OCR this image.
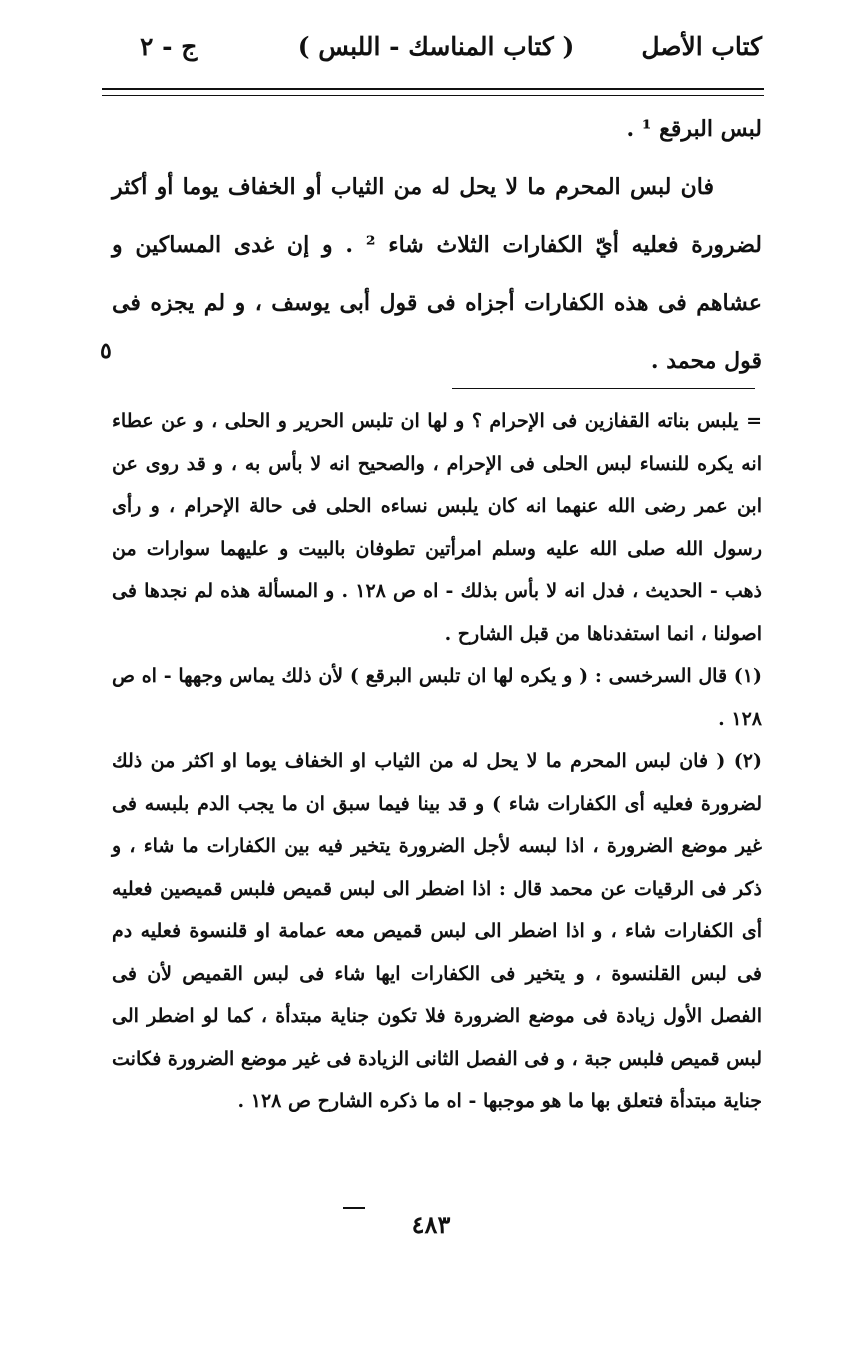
كتاب الأصل
( كتاب المناسك - اللبس )
ج - ٢

لبس البرقع ¹ .

فان لبس المحرم ما لا يحل له من الثياب أو الخفاف يوما أو أكثر لضرورة فعليه أيّ الكفارات الثلاث شاء ² . و إن غدى المساكين و عشاهم فى هذه الكفارات أجزاه فى قول أبى يوسف ، و لم يجزه فى قول محمد .

٥

= يلبس بناته القفازين فى الإحرام ؟ و لها ان تلبس الحرير و الحلى ، و عن عطاء انه يكره للنساء لبس الحلى فى الإحرام ، والصحيح انه لا بأس به ، و قد روى عن ابن عمر رضى الله عنهما انه كان يلبس نساءه الحلى فى حالة الإحرام ، و رأى رسول الله صلى الله عليه وسلم امرأتين تطوفان بالبيت و عليهما سوارات من ذهب - الحديث ، فدل انه لا بأس بذلك - اه ص ١٢٨ . و المسألة هذه لم نجدها فى اصولنا ، انما استفدناها من قبل الشارح .

(١) قال السرخسى : ( و يكره لها ان تلبس البرقع ) لأن ذلك يماس وجهها - اه ص ١٢٨ .

(٢) ( فان لبس المحرم ما لا يحل له من الثياب او الخفاف يوما او اكثر من ذلك لضرورة فعليه أى الكفارات شاء ) و قد بينا فيما سبق ان ما يجب الدم بلبسه فى غير موضع الضرورة ، اذا لبسه لأجل الضرورة يتخير فيه بين الكفارات ما شاء ، و ذكر فى الرقيات عن محمد قال : اذا اضطر الى لبس قميص فلبس قميصين فعليه أى الكفارات شاء ، و اذا اضطر الى لبس قميص معه عمامة او قلنسوة فعليه دم فى لبس القلنسوة ، و يتخير فى الكفارات ايها شاء فى لبس القميص لأن فى الفصل الأول زيادة فى موضع الضرورة فلا تكون جناية مبتدأة ، كما لو اضطر الى لبس قميص فلبس جبة ، و فى الفصل الثانى الزيادة فى غير موضع الضرورة فكانت جناية مبتدأة فتعلق بها ما هو موجبها - اه ما ذكره الشارح ص ١٢٨ .

٤٨٣
